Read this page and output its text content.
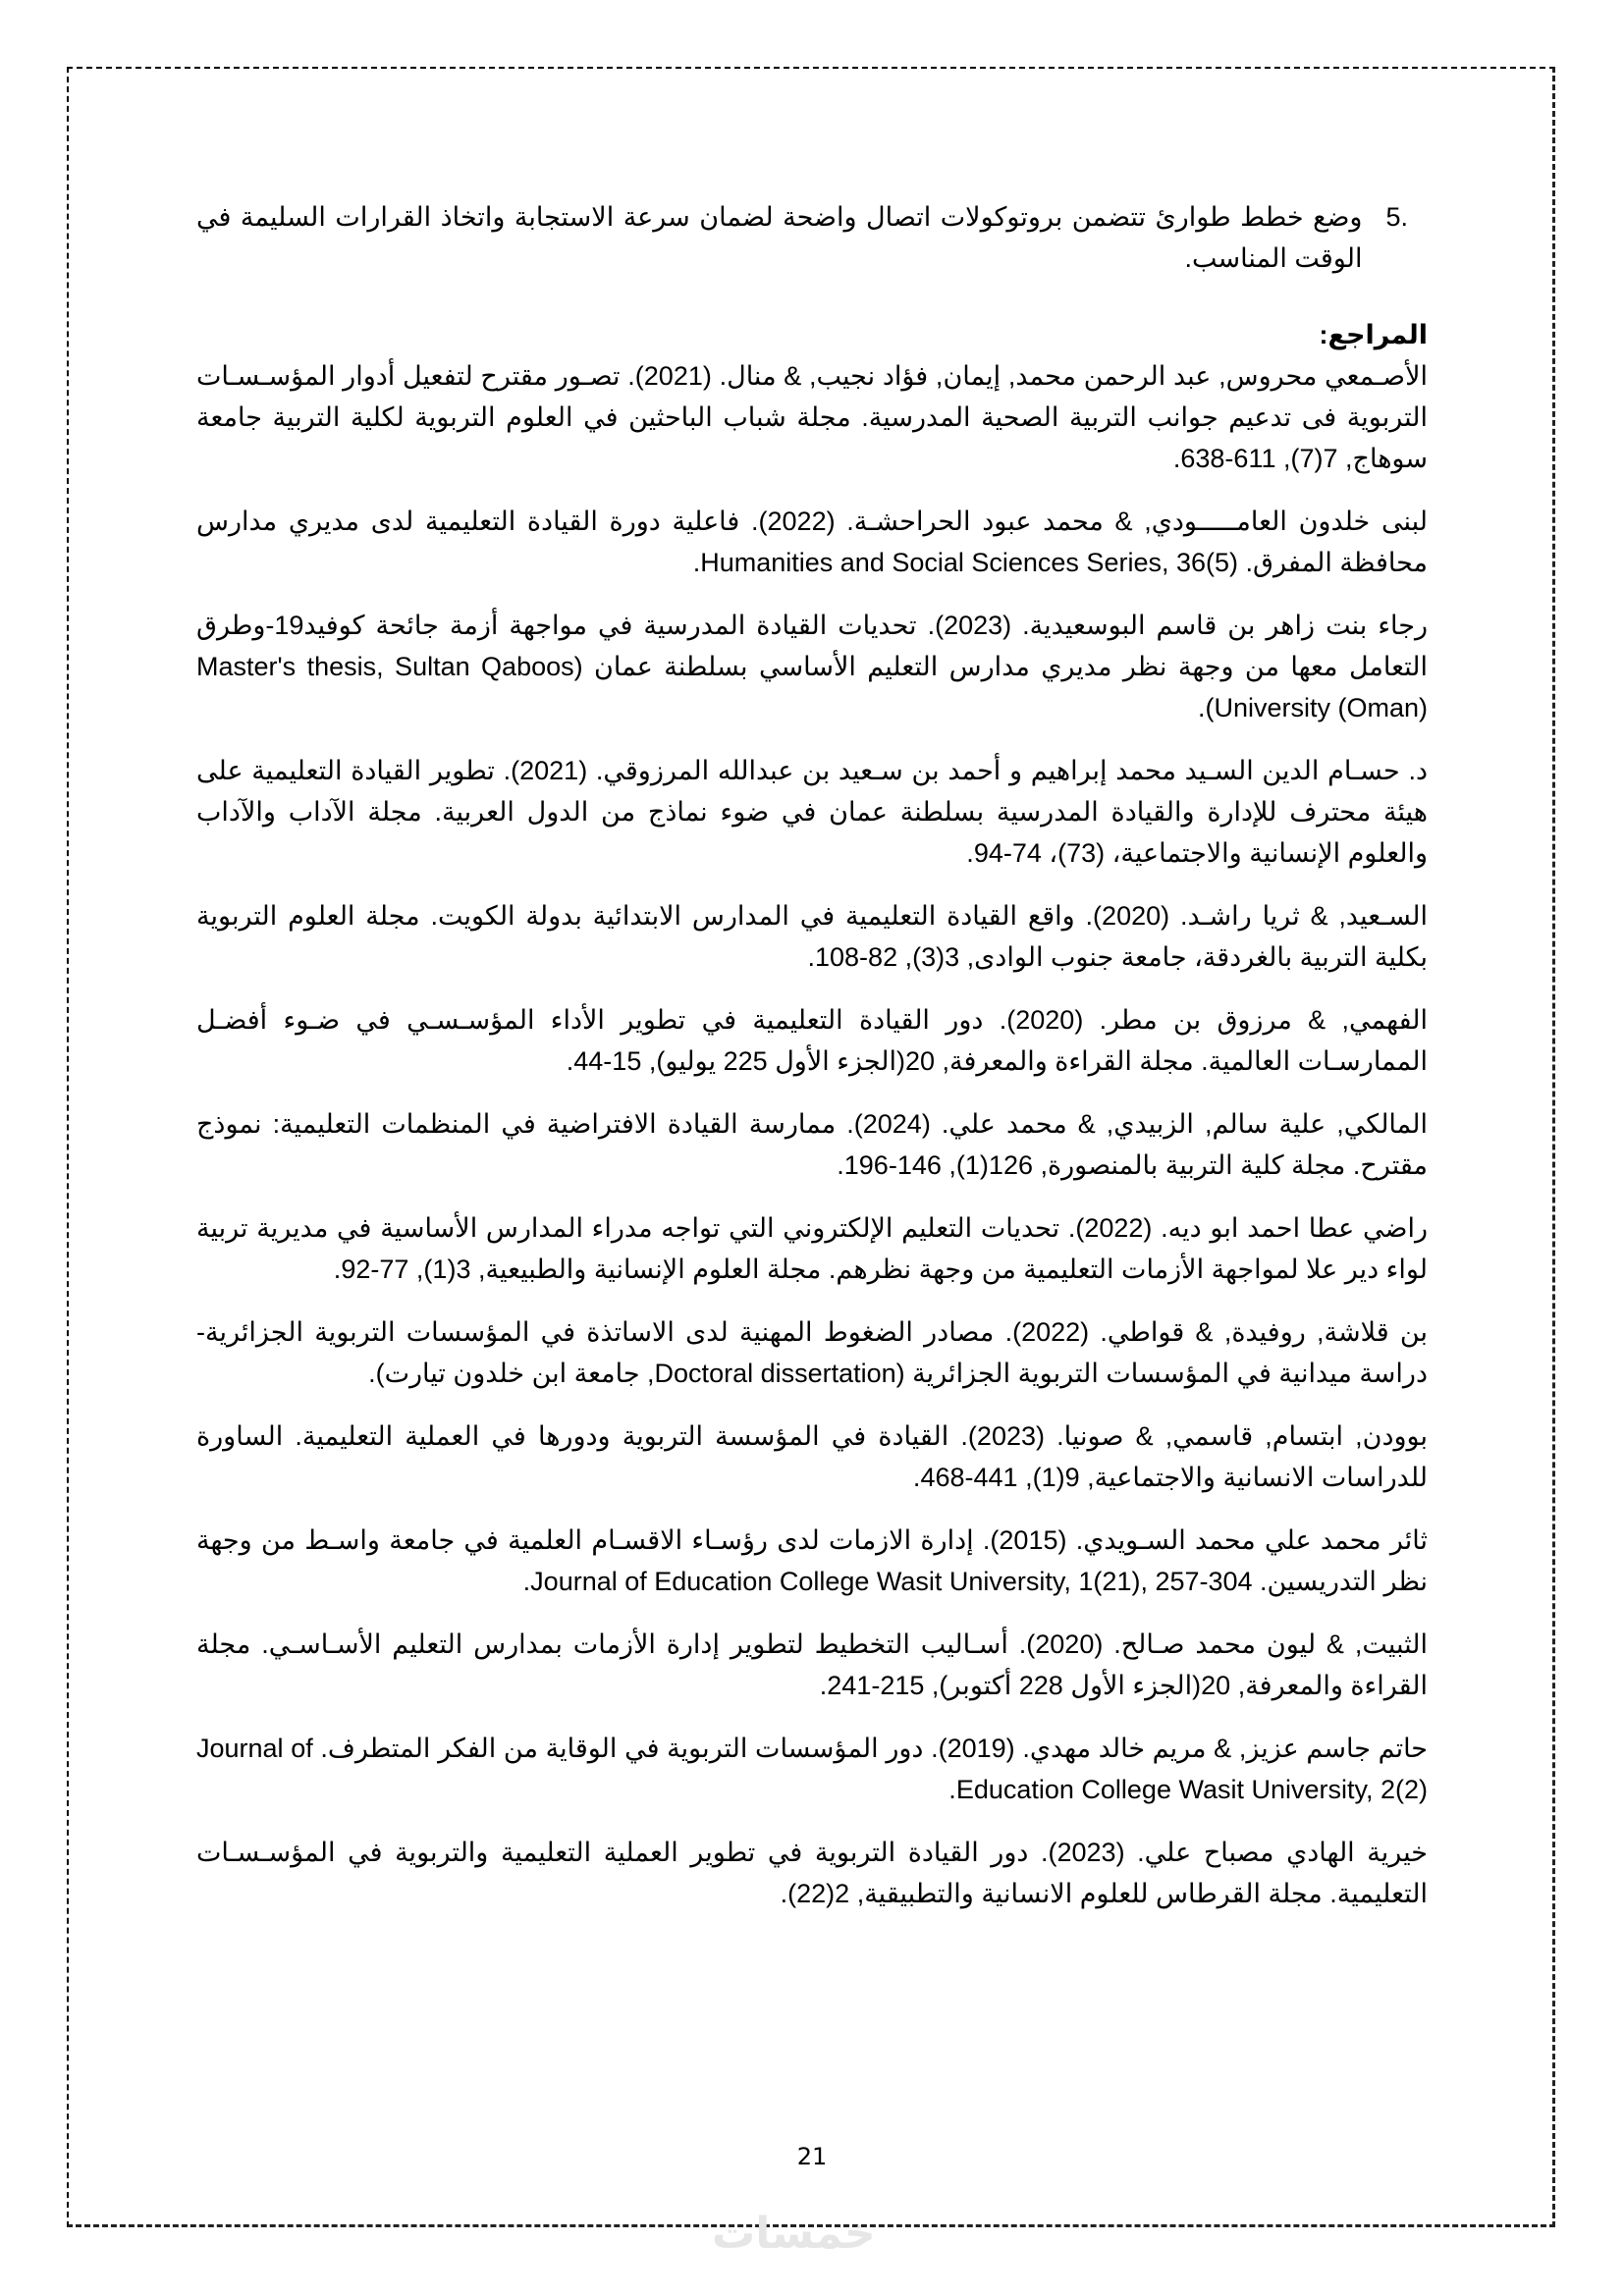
5.
وضع خطط طوارئ تتضمن بروتوكولات اتصال واضحة لضمان سرعة الاستجابة واتخاذ القرارات السليمة في الوقت المناسب.

المراجع:

الأصـمعي محروس, عبد الرحمن محمد, إيمان, فؤاد نجيب, & منال. (2021). تصـور مقترح لتفعيل أدوار المؤسـسـات التربوية فى تدعيم جوانب التربية الصحية المدرسية. مجلة شباب الباحثين في العلوم التربوية لكلية التربية جامعة سوهاج, 7(7), 611-638.

لبنى خلدون العامـــــودي, & محمد عبود الحراحشـة. (2022). فاعلية دورة القيادة التعليمية لدى مديري مدارس محافظة المفرق. Humanities and Social Sciences Series, 36(5).

رجاء بنت زاهر بن قاسم البوسعيدية. (2023). تحديات القيادة المدرسية في مواجهة أزمة جائحة كوفيد19-وطرق التعامل معها من وجهة نظر مديري مدارس التعليم الأساسي بسلطنة عمان (Master's thesis, Sultan Qaboos University (Oman)).

د. حسـام الدين السـيد محمد إبراهيم و أحمد بن سـعيد بن عبدالله المرزوقي. (2021). تطوير القيادة التعليمية على هيئة محترف للإدارة والقيادة المدرسية بسلطنة عمان في ضوء نماذج من الدول العربية. مجلة الآداب والآداب والعلوم الإنسانية والاجتماعية، (73)، 74-94.

السـعيد, & ثريا راشـد. (2020). واقع القيادة التعليمية في المدارس الابتدائية بدولة الكويت. مجلة العلوم التربوية بكلية التربية بالغردقة، جامعة جنوب الوادى, 3(3), 82-108.

الفهمي, & مرزوق بن مطر. (2020). دور القيادة التعليمية في تطوير الأداء المؤسـسـي في ضـوء أفضـل الممارسـات العالمية. مجلة القراءة والمعرفة, 20(الجزء الأول 225 يوليو), 15-44.

المالكي, علية سالم, الزبيدي, & محمد علي. (2024). ممارسة القيادة الافتراضية في المنظمات التعليمية: نموذج مقترح. مجلة كلية التربية بالمنصورة, 126(1), 146-196.

راضي عطا احمد ابو ديه. (2022). تحديات التعليم الإلكتروني التي تواجه مدراء المدارس الأساسية في مديرية تربية لواء دير علا لمواجهة الأزمات التعليمية من وجهة نظرهم. مجلة العلوم الإنسانية والطبيعية, 3(1), 77-92.

بن قلاشة, روفيدة, & قواطي. (2022). مصادر الضغوط المهنية لدى الاساتذة في المؤسسات التربوية الجزائرية-دراسة ميدانية في المؤسسات التربوية الجزائرية (Doctoral dissertation, جامعة ابن خلدون تيارت).

بوودن, ابتسام, قاسمي, & صونيا. (2023). القيادة في المؤسسة التربوية ودورها في العملية التعليمية. الساورة للدراسات الانسانية والاجتماعية, 9(1), 441-468.

ثائر محمد علي محمد السـويدي. (2015). إدارة الازمات لدى رؤسـاء الاقسـام العلمية في جامعة واسـط من وجهة نظر التدريسين. Journal of Education College Wasit University, 1(21), 257-304.

الثبيت, & ليون محمد صـالح. (2020). أسـاليب التخطيط لتطوير إدارة الأزمات بمدارس التعليم الأسـاسـي. مجلة القراءة والمعرفة, 20(الجزء الأول 228 أكتوبر), 215-241.

حاتم جاسم عزيز, & مريم خالد مهدي. (2019). دور المؤسسات التربوية في الوقاية من الفكر المتطرف. Journal of Education College Wasit University, 2(2).

خيرية الهادي مصباح علي. (2023). دور القيادة التربوية في تطوير العملية التعليمية والتربوية في المؤسـسـات التعليمية. مجلة القرطاس للعلوم الانسانية والتطبيقية, 2(22).

21
خمسات
